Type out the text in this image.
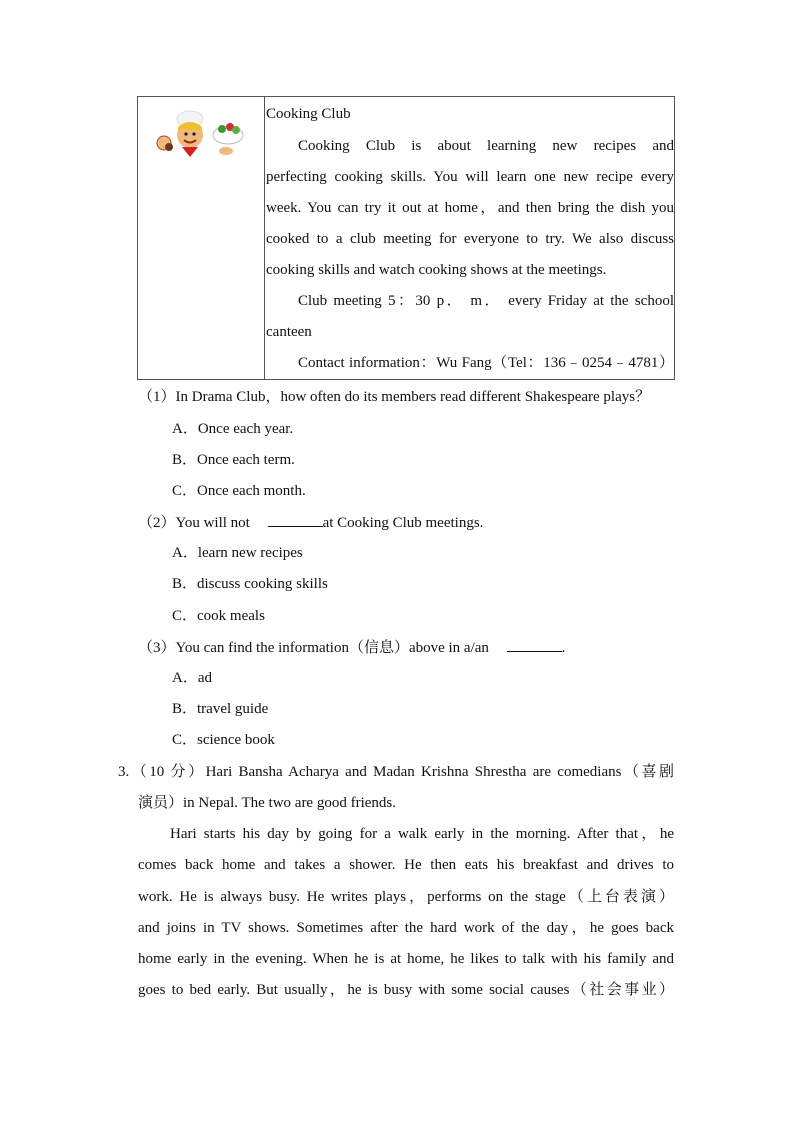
Cooking Club
Cooking Club is about learning new recipes and
perfecting cooking skills. You will learn one new recipe every
week. You can try it out at home，and then bring the dish you
cooked to a club meeting for everyone to try. We also discuss
cooking skills and watch cooking shows at the meetings.
Club meeting 5：30 p． m． every Friday at the school
canteen
Contact information：Wu Fang（Tel：136﹣0254﹣4781）
（1）In Drama Club，how often do its members read different Shakespeare plays？
A．Once each year.
B．Once each term.
C．Once each month.
（2）You will not	at Cooking Club meetings.
A．learn new recipes
B．discuss cooking skills
C．cook meals
（3）You can find the information（信息）above in a/an	.
A．ad
B．travel guide
C．science book
3.（10 分）Hari Bansha Acharya and Madan Krishna Shrestha are comedians（喜剧
演员）in Nepal. The two are good friends.
Hari starts his day by going for a walk early in the morning. After that，he
comes back home and takes a shower. He then eats his breakfast and drives to
work. He is always busy. He writes plays，performs on the stage（上台表演）
and joins in TV shows. Sometimes after the hard work of the day，he goes back
home early in the evening. When he is at home, he likes to talk with his family and
goes to bed early. But usually，he is busy with some social causes（社会事业）
